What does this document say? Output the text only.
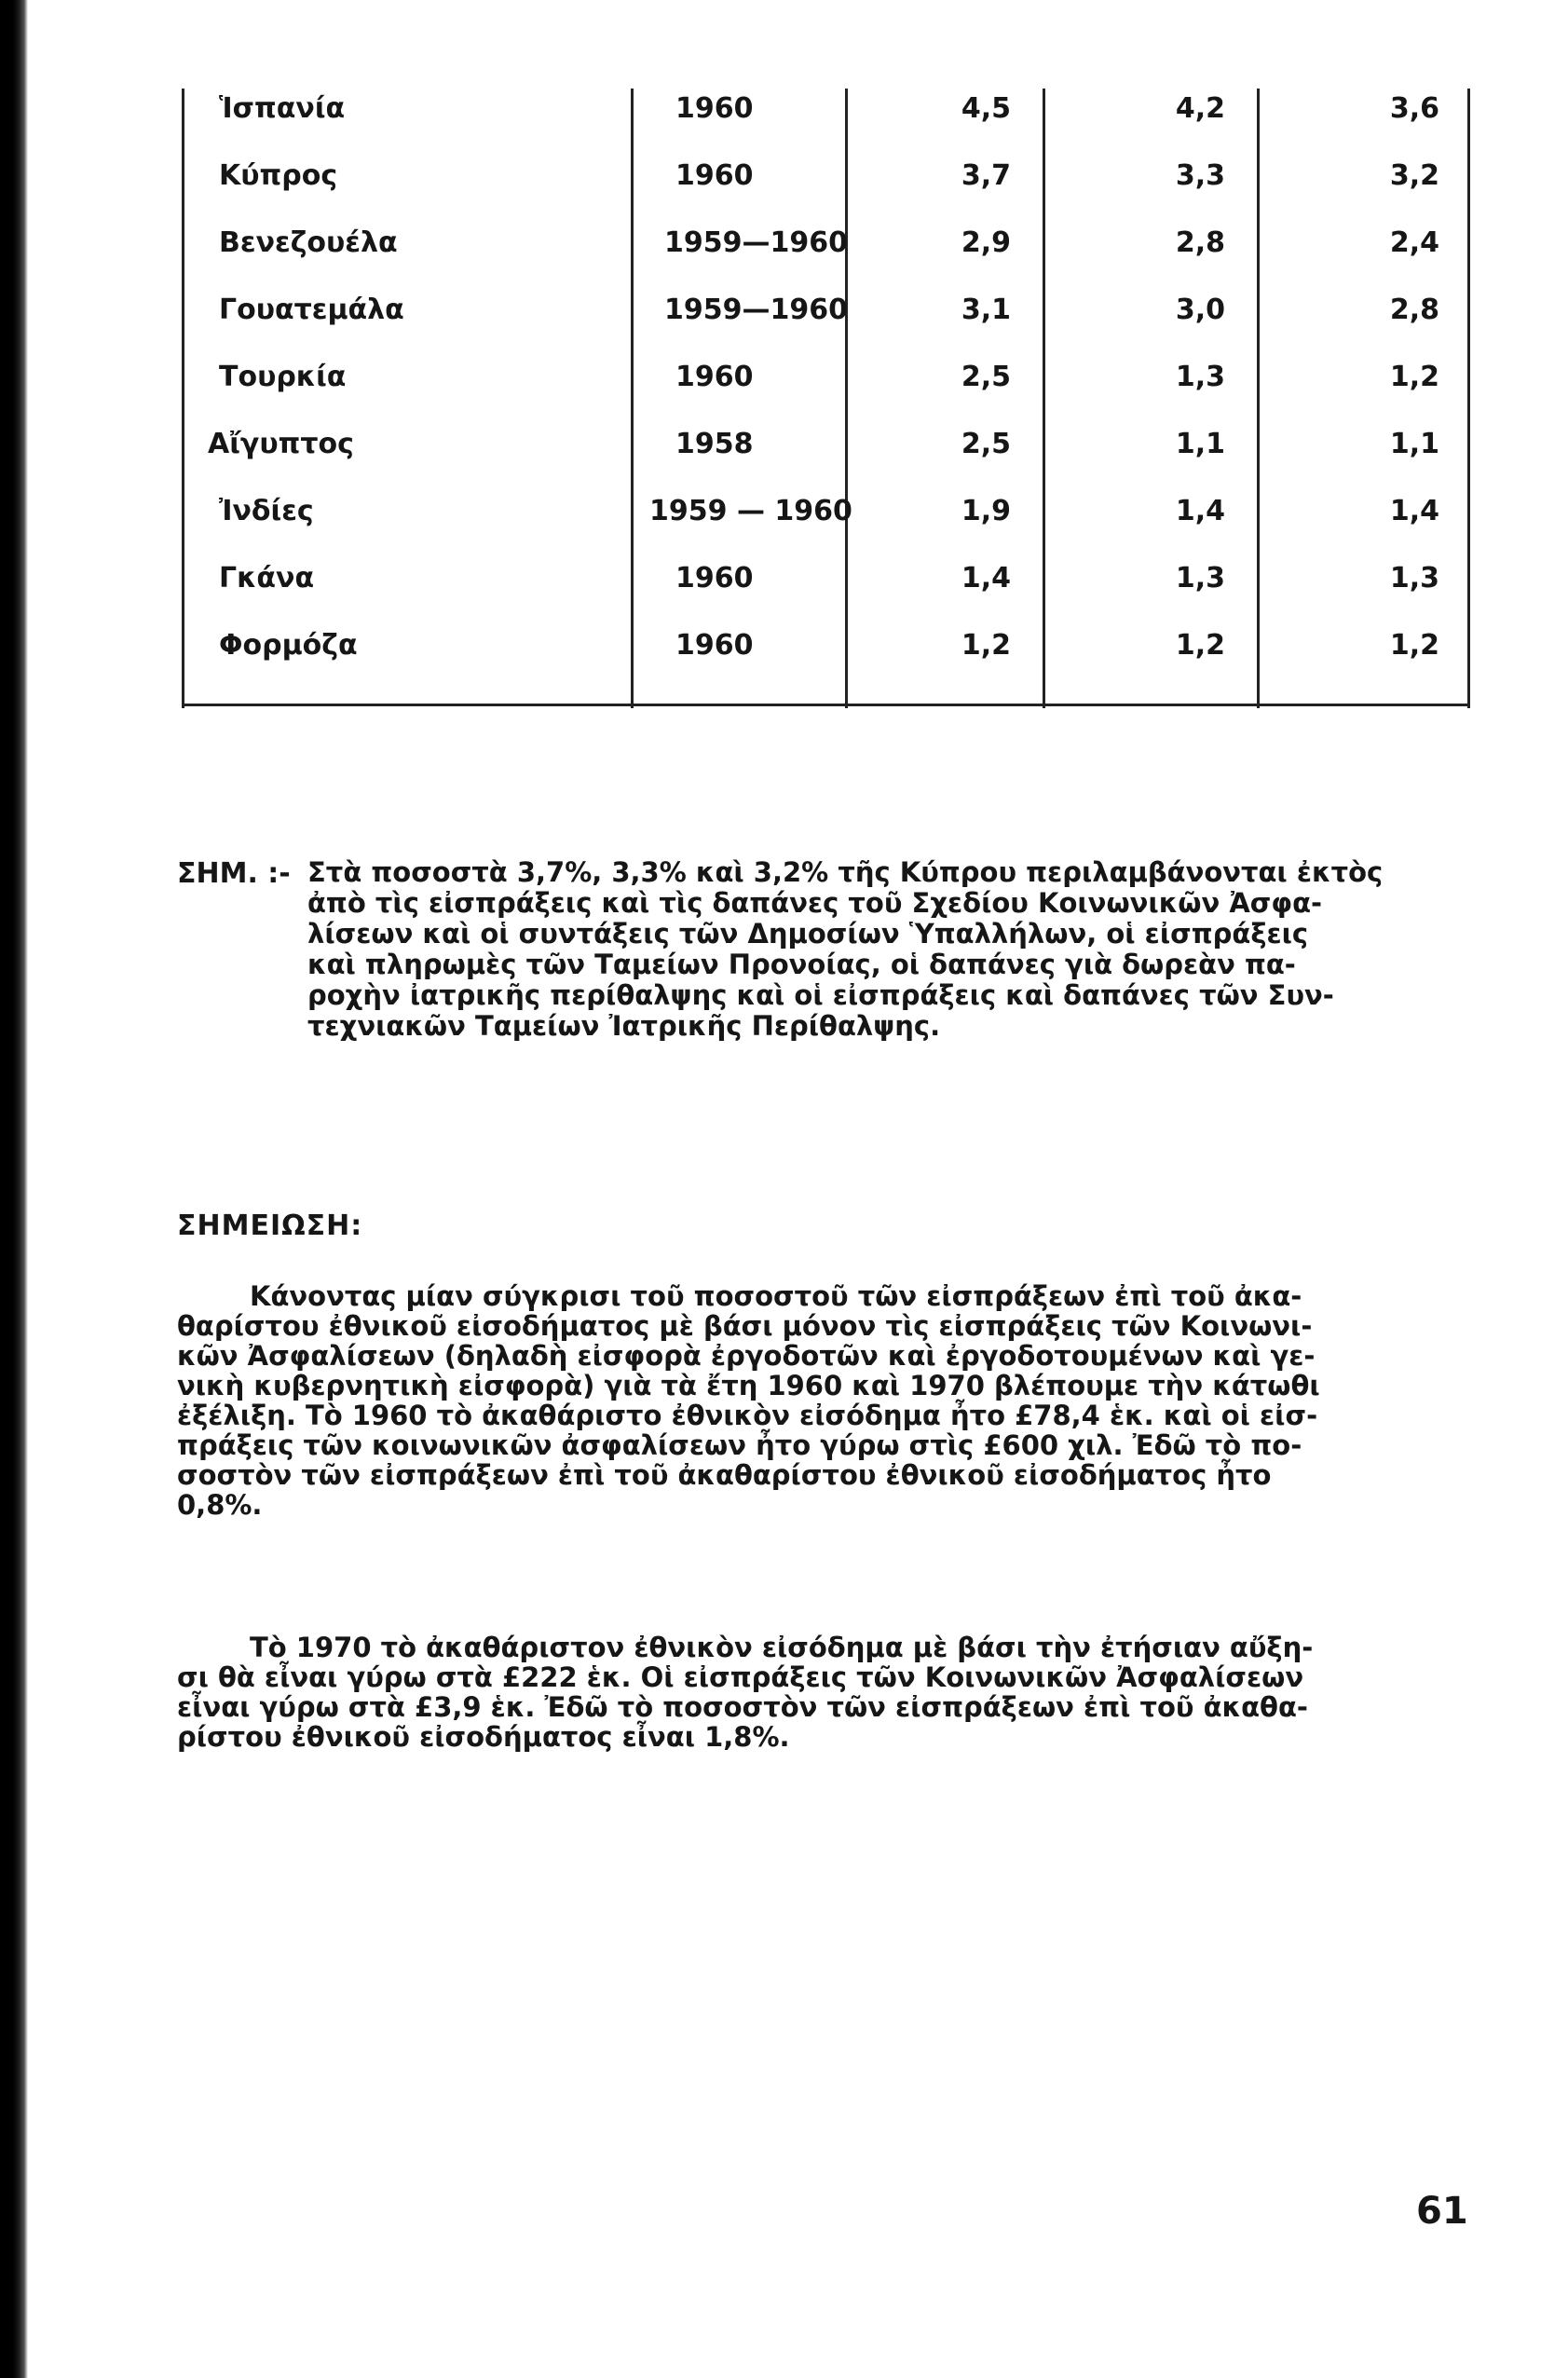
Ἱσπανία	1960	4,5	4,2	3,6
Κύπρος	1960	3,7	3,3	3,2
Βενεζουέλα	1959—1960	2,9	2,8	2,4
Γουατεμάλα	1959—1960	3,1	3,0	2,8
Τουρκία	1960	2,5	1,3	1,2
Αἴγυπτος	1958	2,5	1,1	1,1
Ἰνδίες	1959 — 1960	1,9	1,4	1,4
Γκάνα	1960	1,4	1,3	1,3
Φορμόζα	1960	1,2	1,2	1,2
ΣΗΜ. :- Στὰ ποσοστὰ 3,7%, 3,3% καὶ 3,2% τῆς Κύπρου περιλαμβάνονται ἐκτὸς
ἀπὸ τὶς εἰσπράξεις καὶ τὶς δαπάνες τοῦ Σχεδίου Κοινωνικῶν Ἀσφα-
λίσεων καὶ οἱ συντάξεις τῶν Δημοσίων Ὑπαλλήλων, οἱ εἰσπράξεις
καὶ πληρωμὲς τῶν Ταμείων Προνοίας, οἱ δαπάνες γιὰ δωρεὰν πα-
ροχὴν ἰατρικῆς περίθαλψης καὶ οἱ εἰσπράξεις καὶ δαπάνες τῶν Συν-
τεχνιακῶν Ταμείων Ἰατρικῆς Περίθαλψης.
ΣΗΜΕΙΩΣΗ:
Κάνοντας μίαν σύγκρισι τοῦ ποσοστοῦ τῶν εἰσπράξεων ἐπὶ τοῦ ἀκα-
θαρίστου ἐθνικοῦ εἰσοδήματος μὲ βάσι μόνον τὶς εἰσπράξεις τῶν Κοινωνι-
κῶν Ἀσφαλίσεων (δηλαδὴ εἰσφορὰ ἐργοδοτῶν καὶ ἐργοδοτουμένων καὶ γε-
νικὴ κυβερνητικὴ εἰσφορὰ) γιὰ τὰ ἔτη 1960 καὶ 1970 βλέπουμε τὴν κάτωθι
ἐξέλιξη. Τὸ 1960 τὸ ἀκαθάριστο ἐθνικὸν εἰσόδημα ἦτο £78,4 ἑκ. καὶ οἱ εἰσ-
πράξεις τῶν κοινωνικῶν ἀσφαλίσεων ἦτο γύρω στὶς £600 χιλ. Ἐδῶ τὸ πο-
σοστὸν τῶν εἰσπράξεων ἐπὶ τοῦ ἀκαθαρίστου ἐθνικοῦ εἰσοδήματος ἦτο
0,8%.
Τὸ 1970 τὸ ἀκαθάριστον ἐθνικὸν εἰσόδημα μὲ βάσι τὴν ἐτήσιαν αὔξη-
σι θὰ εἶναι γύρω στὰ £222 ἑκ. Οἱ εἰσπράξεις τῶν Κοινωνικῶν Ἀσφαλίσεων
εἶναι γύρω στὰ £3,9 ἑκ. Ἐδῶ τὸ ποσοστὸν τῶν εἰσπράξεων ἐπὶ τοῦ ἀκαθα-
ρίστου ἐθνικοῦ εἰσοδήματος εἶναι 1,8%.
61
